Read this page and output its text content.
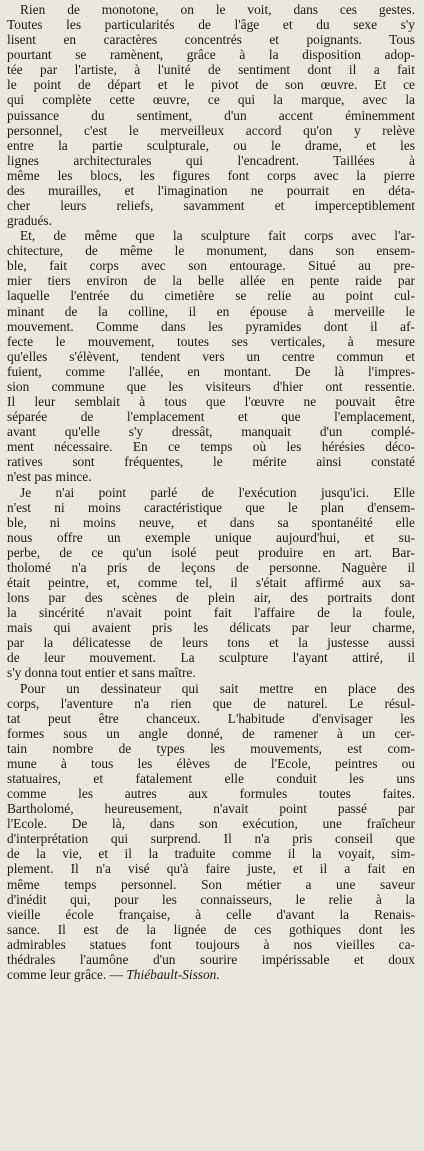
Rien de monotone, on le voit, dans ces gestes.
Toutes les particularités de l'âge et du sexe s'y
lisent en caractères concentrés et poignants. Tous
pourtant se ramènent, grâce à la disposition adop-
tée par l'artiste, à l'unité de sentiment dont il a fait
le point de départ et le pivot de son œuvre. Et ce
qui complète cette œuvre, ce qui la marque, avec la
puissance du sentiment, d'un accent éminemment
personnel, c'est le merveilleux accord qu'on y relève
entre la partie sculpturale, ou le drame, et les
lignes architecturales qui l'encadrent. Taillées à
même les blocs, les figures font corps avec la pierre
des murailles, et l'imagination ne pourrait en déta-
cher leurs reliefs, savamment et imperceptiblement
gradués.
Et, de même que la sculpture fait corps avec l'ar-
chitecture, de même le monument, dans son ensem-
ble, fait corps avec son entourage. Situé au pre-
mier tiers environ de la belle allée en pente raide par
laquelle l'entrée du cimetière se relie au point cul-
minant de la colline, il en épouse à merveille le
mouvement. Comme dans les pyramides dont il af-
fecte le mouvement, toutes ses verticales, à mesure
qu'elles s'élèvent, tendent vers un centre commun et
fuient, comme l'allée, en montant. De là l'impres-
sion commune que les visiteurs d'hier ont ressentie.
Il leur semblait à tous que l'œuvre ne pouvait être
séparée de l'emplacement et que l'emplacement,
avant qu'elle s'y dressât, manquait d'un complé-
ment nécessaire. En ce temps où les hérésies déco-
ratives sont fréquentes, le mérite ainsi constaté
n'est pas mince.
Je n'ai point parlé de l'exécution jusqu'ici. Elle
n'est ni moins caractéristique que le plan d'ensem-
ble, ni moins neuve, et dans sa spontanéité elle
nous offre un exemple unique aujourd'hui, et su-
perbe, de ce qu'un isolé peut produire en art. Bar-
tholomé n'a pris de leçons de personne. Naguère il
était peintre, et, comme tel, il s'était affirmé aux sa-
lons par des scènes de plein air, des portraits dont
la sincérité n'avait point fait l'affaire de la foule,
mais qui avaient pris les délicats par leur charme,
par la délicatesse de leurs tons et la justesse aussi
de leur mouvement. La sculpture l'ayant attiré, il
s'y donna tout entier et sans maître.
Pour un dessinateur qui sait mettre en place des
corps, l'aventure n'a rien que de naturel. Le résul-
tat peut être chanceux. L'habitude d'envisager les
formes sous un angle donné, de ramener à un cer-
tain nombre de types les mouvements, est com-
mune à tous les élèves de l'Ecole, peintres ou
statuaires, et fatalement elle conduit les uns
comme les autres aux formules toutes faites.
Bartholomé, heureusement, n'avait point passé par
l'Ecole. De là, dans son exécution, une fraîcheur
d'interprétation qui surprend. Il n'a pris conseil que
de la vie, et il la traduite comme il la voyait, sim-
plement. Il n'a visé qu'à faire juste, et il a fait en
même temps personnel. Son métier a une saveur
d'inédit qui, pour les connaisseurs, le relie à la
vieille école française, à celle d'avant la Renais-
sance. Il est de la lignée de ces gothiques dont les
admirables statues font toujours à nos vieilles ca-
thédrales l'aumône d'un sourire impérissable et doux
comme leur grâce. — Thiébault-Sisson.
